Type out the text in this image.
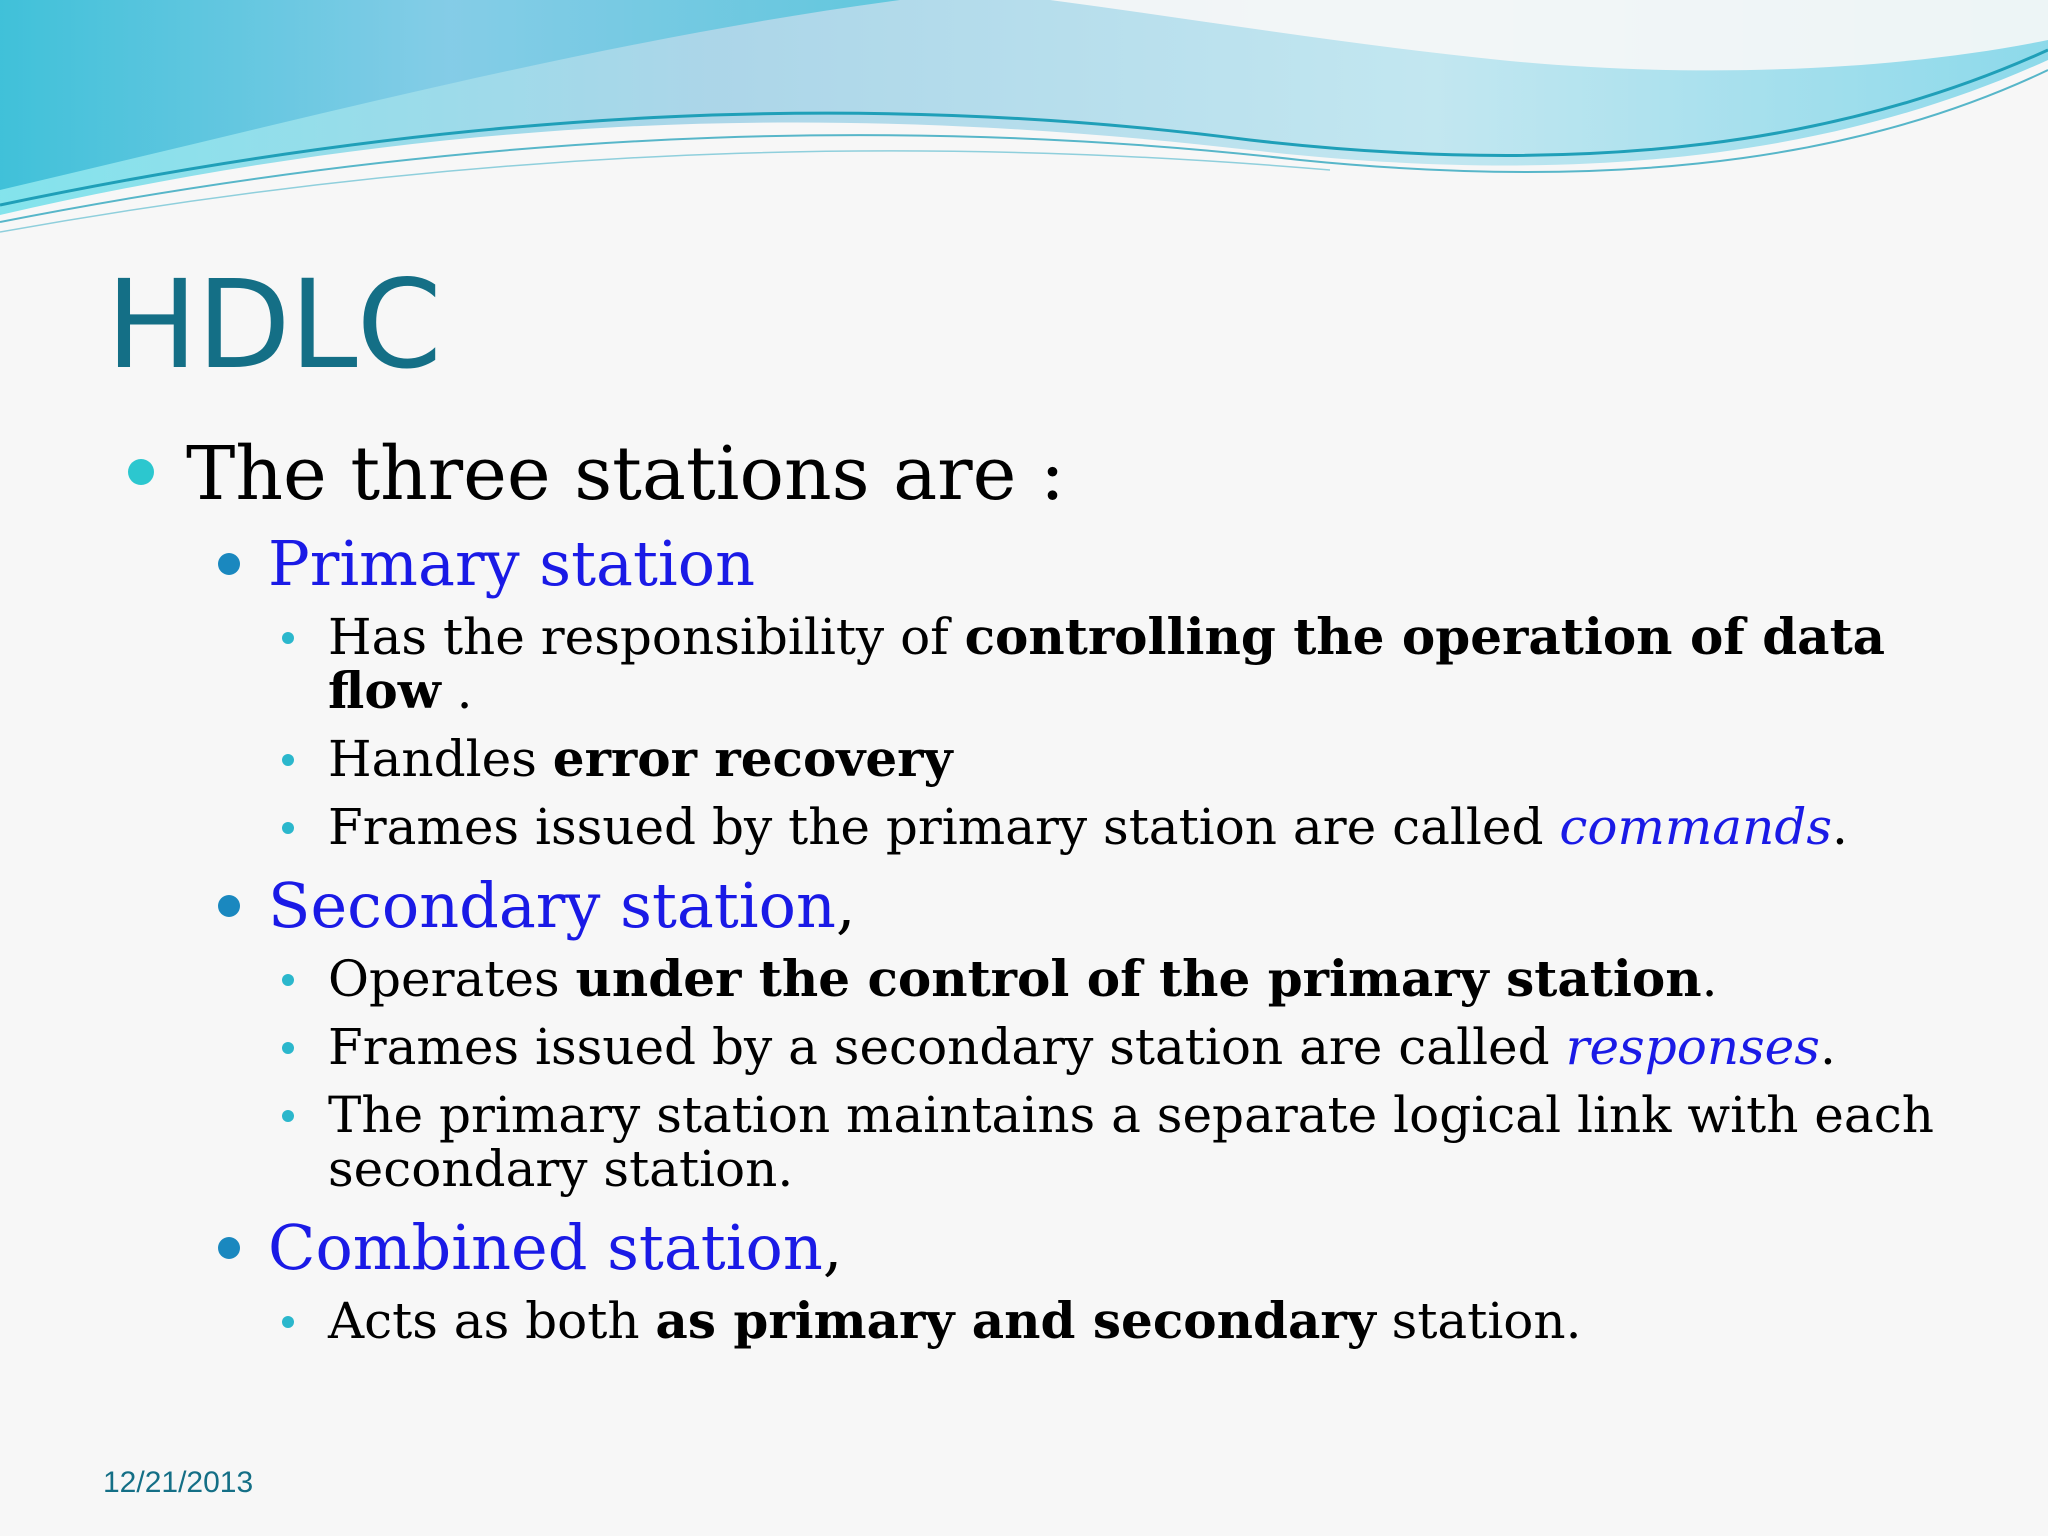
HDLC
The three stations are :
Primary station
Has the responsibility of controlling the operation of data flow .
Handles error recovery
Frames issued by the primary station are called commands.
Secondary station,
Operates under the control of the primary station.
Frames issued by a secondary station are called responses.
The primary station maintains a separate logical link with each secondary station.
Combined station,
Acts as both as primary and secondary station.
12/21/2013
